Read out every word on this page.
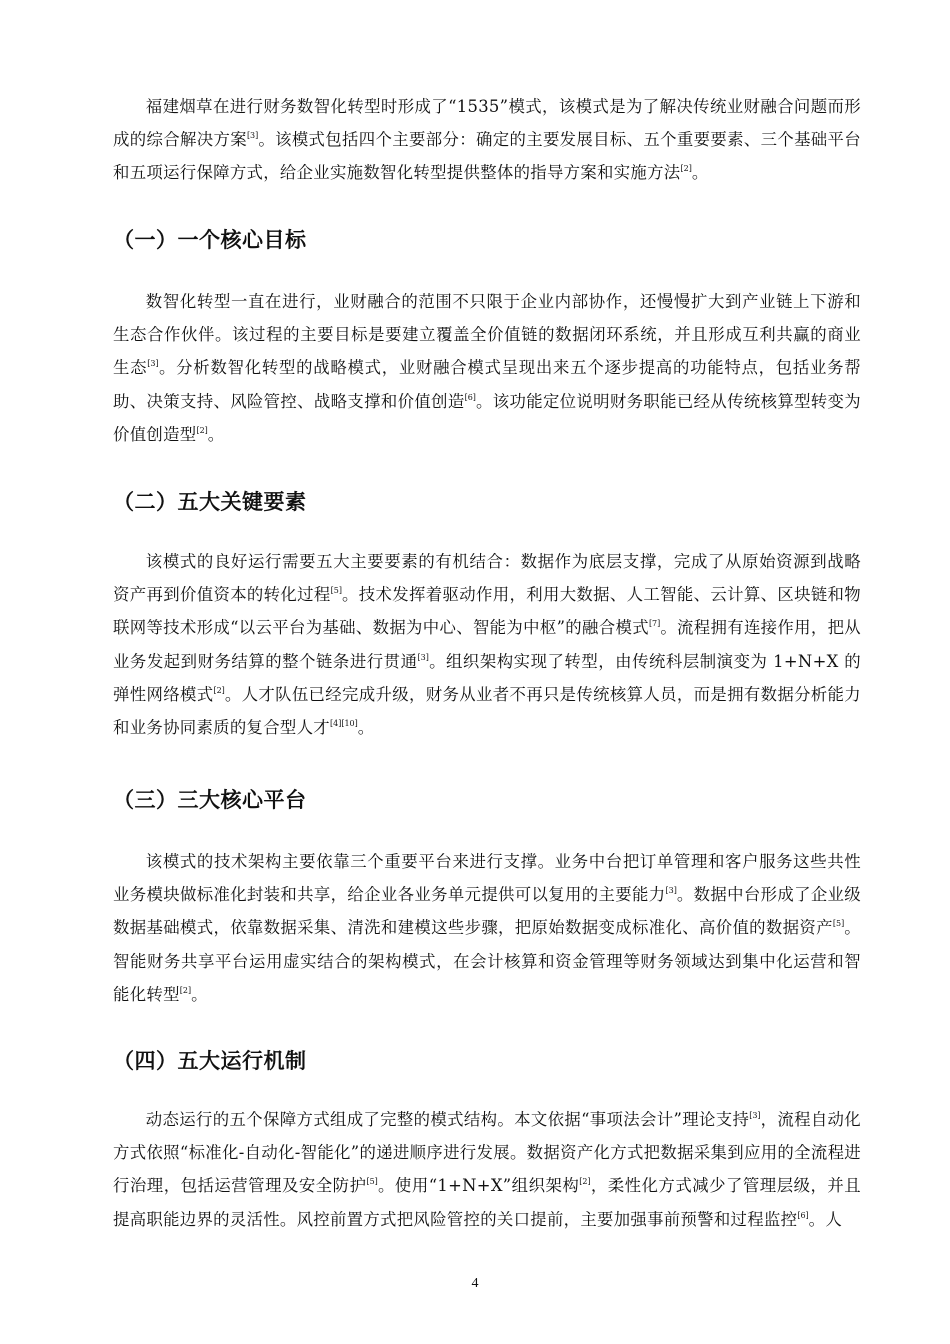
福建烟草在进行财务数智化转型时形成了“1535”模式，该模式是为了解决传统业财融合问题而形成的综合解决方案[3]。该模式包括四个主要部分：确定的主要发展目标、五个重要要素、三个基础平台和五项运行保障方式，给企业实施数智化转型提供整体的指导方案和实施方法[2]。

（一）一个核心目标

数智化转型一直在进行，业财融合的范围不只限于企业内部协作，还慢慢扩大到产业链上下游和生态合作伙伴。该过程的主要目标是要建立覆盖全价值链的数据闭环系统，并且形成互利共赢的商业生态[3]。分析数智化转型的战略模式，业财融合模式呈现出来五个逐步提高的功能特点，包括业务帮助、决策支持、风险管控、战略支撑和价值创造[6]。该功能定位说明财务职能已经从传统核算型转变为价值创造型[2]。

（二）五大关键要素

该模式的良好运行需要五大主要要素的有机结合：数据作为底层支撑，完成了从原始资源到战略资产再到价值资本的转化过程[5]。技术发挥着驱动作用，利用大数据、人工智能、云计算、区块链和物联网等技术形成“以云平台为基础、数据为中心、智能为中枢”的融合模式[7]。流程拥有连接作用，把从业务发起到财务结算的整个链条进行贯通[3]。组织架构实现了转型，由传统科层制演变为 1+N+X 的弹性网络模式[2]。人才队伍已经完成升级，财务从业者不再只是传统核算人员，而是拥有数据分析能力和业务协同素质的复合型人才[4][10]。

（三）三大核心平台

该模式的技术架构主要依靠三个重要平台来进行支撑。业务中台把订单管理和客户服务这些共性业务模块做标准化封装和共享，给企业各业务单元提供可以复用的主要能力[3]。数据中台形成了企业级数据基础模式，依靠数据采集、清洗和建模这些步骤，把原始数据变成标准化、高价值的数据资产[5]。智能财务共享平台运用虚实结合的架构模式，在会计核算和资金管理等财务领域达到集中化运营和智能化转型[2]。

（四）五大运行机制

动态运行的五个保障方式组成了完整的模式结构。本文依据“事项法会计”理论支持[3]，流程自动化方式依照“标准化-自动化-智能化”的递进顺序进行发展。数据资产化方式把数据采集到应用的全流程进行治理，包括运营管理及安全防护[5]。使用“1+N+X”组织架构[2]，柔性化方式减少了管理层级，并且提高职能边界的灵活性。风控前置方式把风险管控的关口提前，主要加强事前预警和过程监控[6]。人

4
